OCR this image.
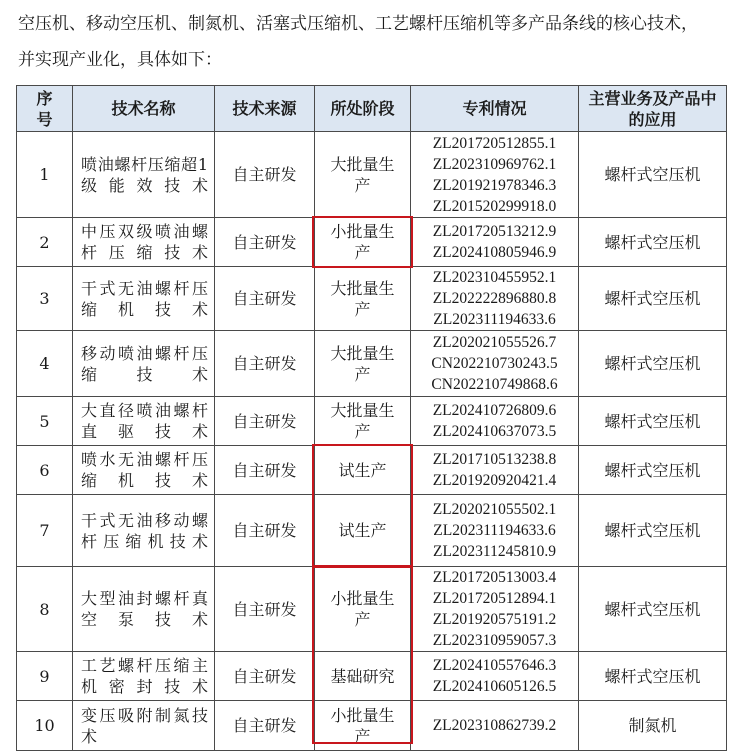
空压机、移动空压机、制氮机、活塞式压缩机、工艺螺杆压缩机等多产品条线的核心技术，
并实现产业化，具体如下：
序号	技术名称	技术来源	所处阶段	专利情况	主营业务及产品中的应用
1	喷油螺杆压缩超1级能效技术	自主研发	大批量生产	ZL201720512855.1
ZL202310969762.1
ZL201921978346.3
ZL201520299918.0	螺杆式空压机
2	中压双级喷油螺杆压缩技术	自主研发	小批量生产	ZL201720513212.9
ZL202410805946.9	螺杆式空压机
3	干式无油螺杆压缩机技术	自主研发	大批量生产	ZL202310455952.1
ZL202222896880.8
ZL202311194633.6	螺杆式空压机
4	移动喷油螺杆压缩技术	自主研发	大批量生产	ZL202021055526.7
CN202210730243.5
CN202210749868.6	螺杆式空压机
5	大直径喷油螺杆直驱技术	自主研发	大批量生产	ZL202410726809.6
ZL202410637073.5	螺杆式空压机
6	喷水无油螺杆压缩机技术	自主研发	试生产	ZL201710513238.8
ZL201920920421.4	螺杆式空压机
7	干式无油移动螺杆压缩机技术	自主研发	试生产	ZL202021055502.1
ZL202311194633.6
ZL202311245810.9	螺杆式空压机
8	大型油封螺杆真空泵技术	自主研发	小批量生产	ZL201720513003.4
ZL201720512894.1
ZL201920575191.2
ZL202310959057.3	螺杆式空压机
9	工艺螺杆压缩主机密封技术	自主研发	基础研究	ZL202410557646.3
ZL202410605126.5	螺杆式空压机
10	变压吸附制氮技术	自主研发	小批量生产	ZL202310862739.2	制氮机
